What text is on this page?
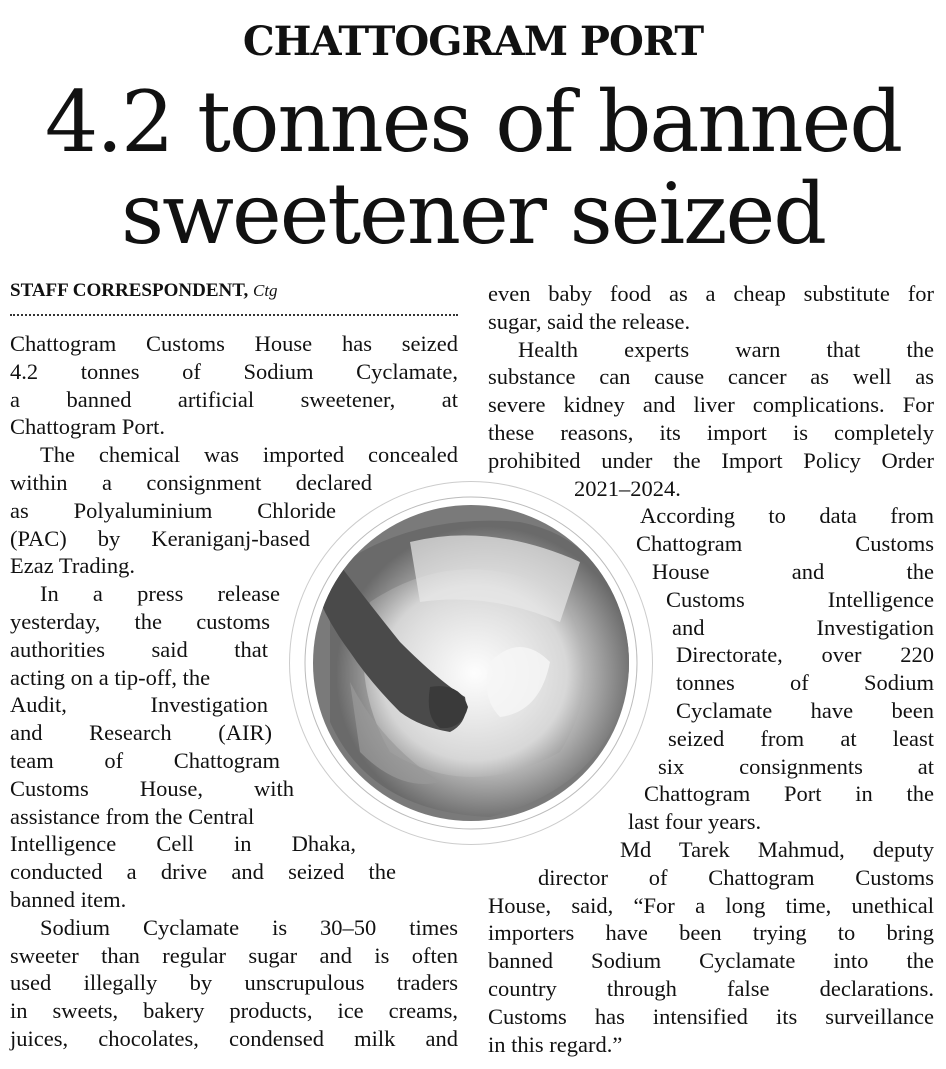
CHATTOGRAM PORT
4.2 tonnes of banned
sweetener seized
STAFF CORRESPONDENT, Ctg
Chattogram Customs House has seized
4.2 tonnes of Sodium Cyclamate,
a banned artificial sweetener, at
Chattogram Port.
The chemical was imported concealed
within a consignment declared
as Polyaluminium Chloride
(PAC) by Keraniganj-based
Ezaz Trading.
In a press release
yesterday, the customs
authorities said that
acting on a tip-off, the
Audit, Investigation
and Research (AIR)
team of Chattogram
Customs House, with
assistance from the Central
Intelligence Cell in Dhaka,
conducted a drive and seized the
banned item.
Sodium Cyclamate is 30–50 times
sweeter than regular sugar and is often
used illegally by unscrupulous traders
in sweets, bakery products, ice creams,
juices, chocolates, condensed milk and
even baby food as a cheap substitute for
sugar, said the release.
Health experts warn that the
substance can cause cancer as well as
severe kidney and liver complications. For
these reasons, its import is completely
prohibited under the Import Policy Order
2021–2024.
According to data from
Chattogram Customs
House and the
Customs Intelligence
and Investigation
Directorate, over 220
tonnes of Sodium
Cyclamate have been
seized from at least
six consignments at
Chattogram Port in the
last four years.
Md Tarek Mahmud, deputy
director of Chattogram Customs
House, said, “For a long time, unethical
importers have been trying to bring
banned Sodium Cyclamate into the
country through false declarations.
Customs has intensified its surveillance
in this regard.”
